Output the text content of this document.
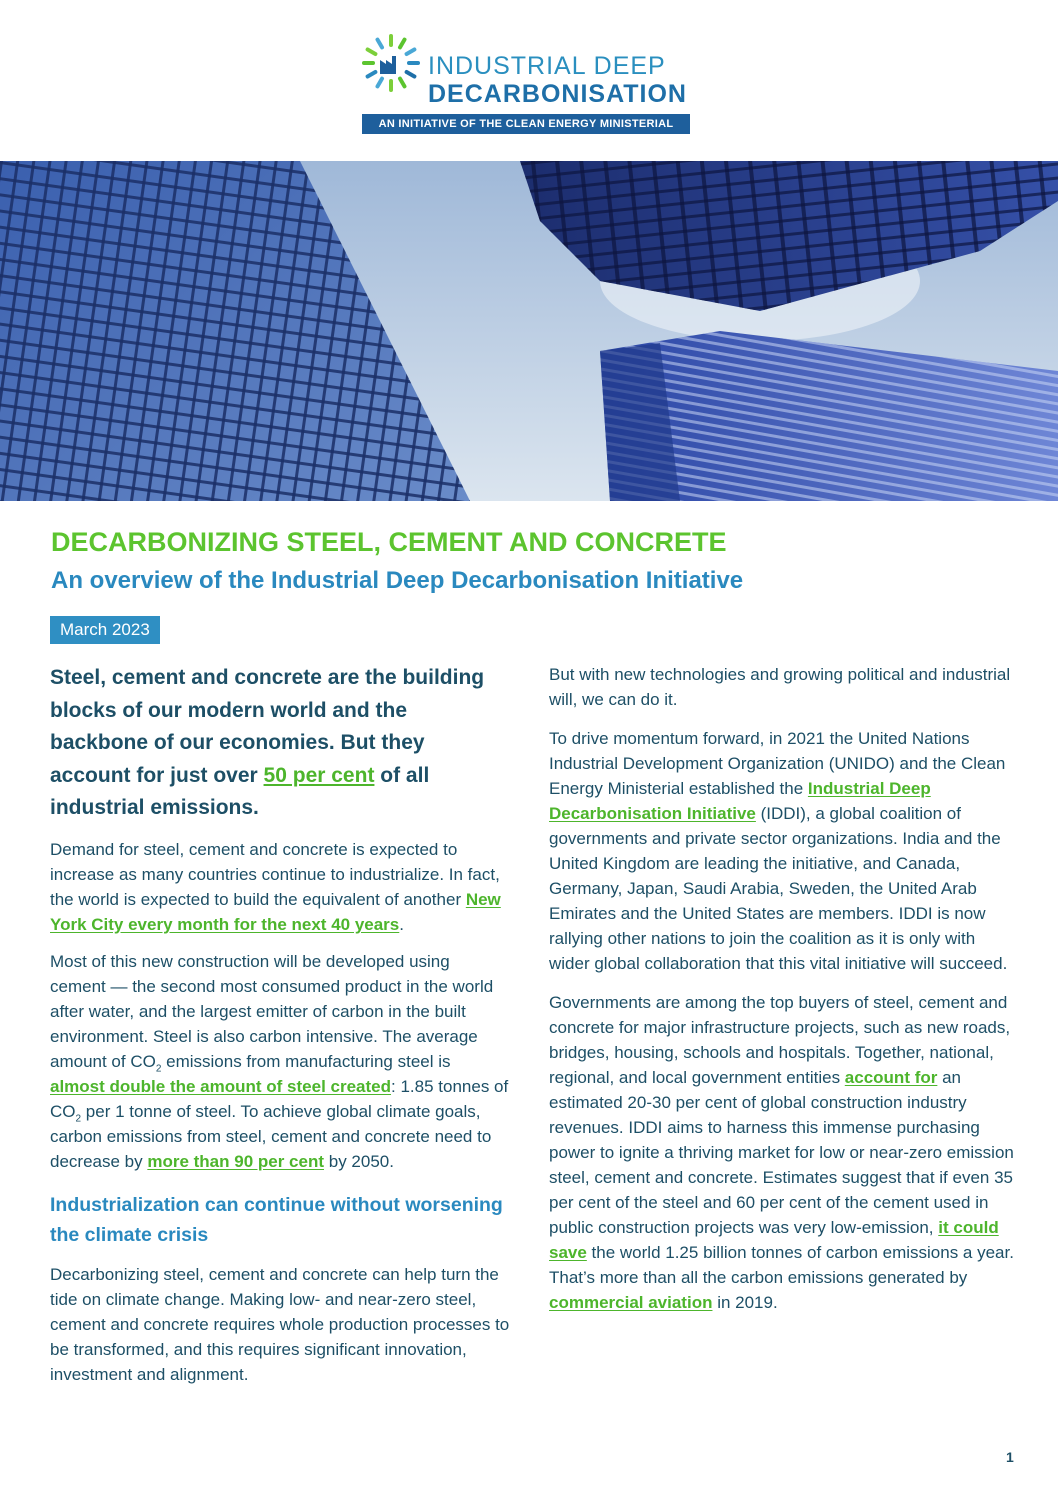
INDUSTRIAL DEEP
DECARBONISATION
AN INITIATIVE OF THE CLEAN ENERGY MINISTERIAL
DECARBONIZING STEEL, CEMENT AND CONCRETE
An overview of the Industrial Deep Decarbonisation Initiative
March 2023
Steel, cement and concrete are the building blocks of our modern world and the backbone of our economies. But they account for just over 50 per cent of all industrial emissions.

Demand for steel, cement and concrete is expected to increase as many countries continue to industrialize. In fact, the world is expected to build the equivalent of another New York City every month for the next 40 years.

Most of this new construction will be developed using cement — the second most consumed product in the world after water, and the largest emitter of carbon in the built environment. Steel is also carbon intensive. The average amount of $CO_2$ emissions from manufacturing steel is almost double the amount of steel created: 1.85 tonnes of $CO_2$ per 1 tonne of steel. To achieve global climate goals, carbon emissions from steel, cement and concrete need to decrease by more than 90 per cent by 2050.

Industrialization can continue without worsening the climate crisis

Decarbonizing steel, cement and concrete can help turn the tide on climate change. Making low- and near-zero steel, cement and concrete requires whole production processes to be transformed, and this requires significant innovation, investment and alignment.

But with new technologies and growing political and industrial will, we can do it.

To drive momentum forward, in 2021 the United Nations Industrial Development Organization (UNIDO) and the Clean Energy Ministerial established the Industrial Deep Decarbonisation Initiative (IDDI), a global coalition of governments and private sector organizations. India and the United Kingdom are leading the initiative, and Canada, Germany, Japan, Saudi Arabia, Sweden, the United Arab Emirates and the United States are members. IDDI is now rallying other nations to join the coalition as it is only with wider global collaboration that this vital initiative will succeed.

Governments are among the top buyers of steel, cement and concrete for major infrastructure projects, such as new roads, bridges, housing, schools and hospitals. Together, national, regional, and local government entities account for an estimated 20-30 per cent of global construction industry revenues. IDDI aims to harness this immense purchasing power to ignite a thriving market for low or near-zero emission steel, cement and concrete. Estimates suggest that if even 35 per cent of the steel and 60 per cent of the cement used in public construction projects was very low-emission, it could save the world 1.25 billion tonnes of carbon emissions a year. That’s more than all the carbon emissions generated by commercial aviation in 2019.

1
